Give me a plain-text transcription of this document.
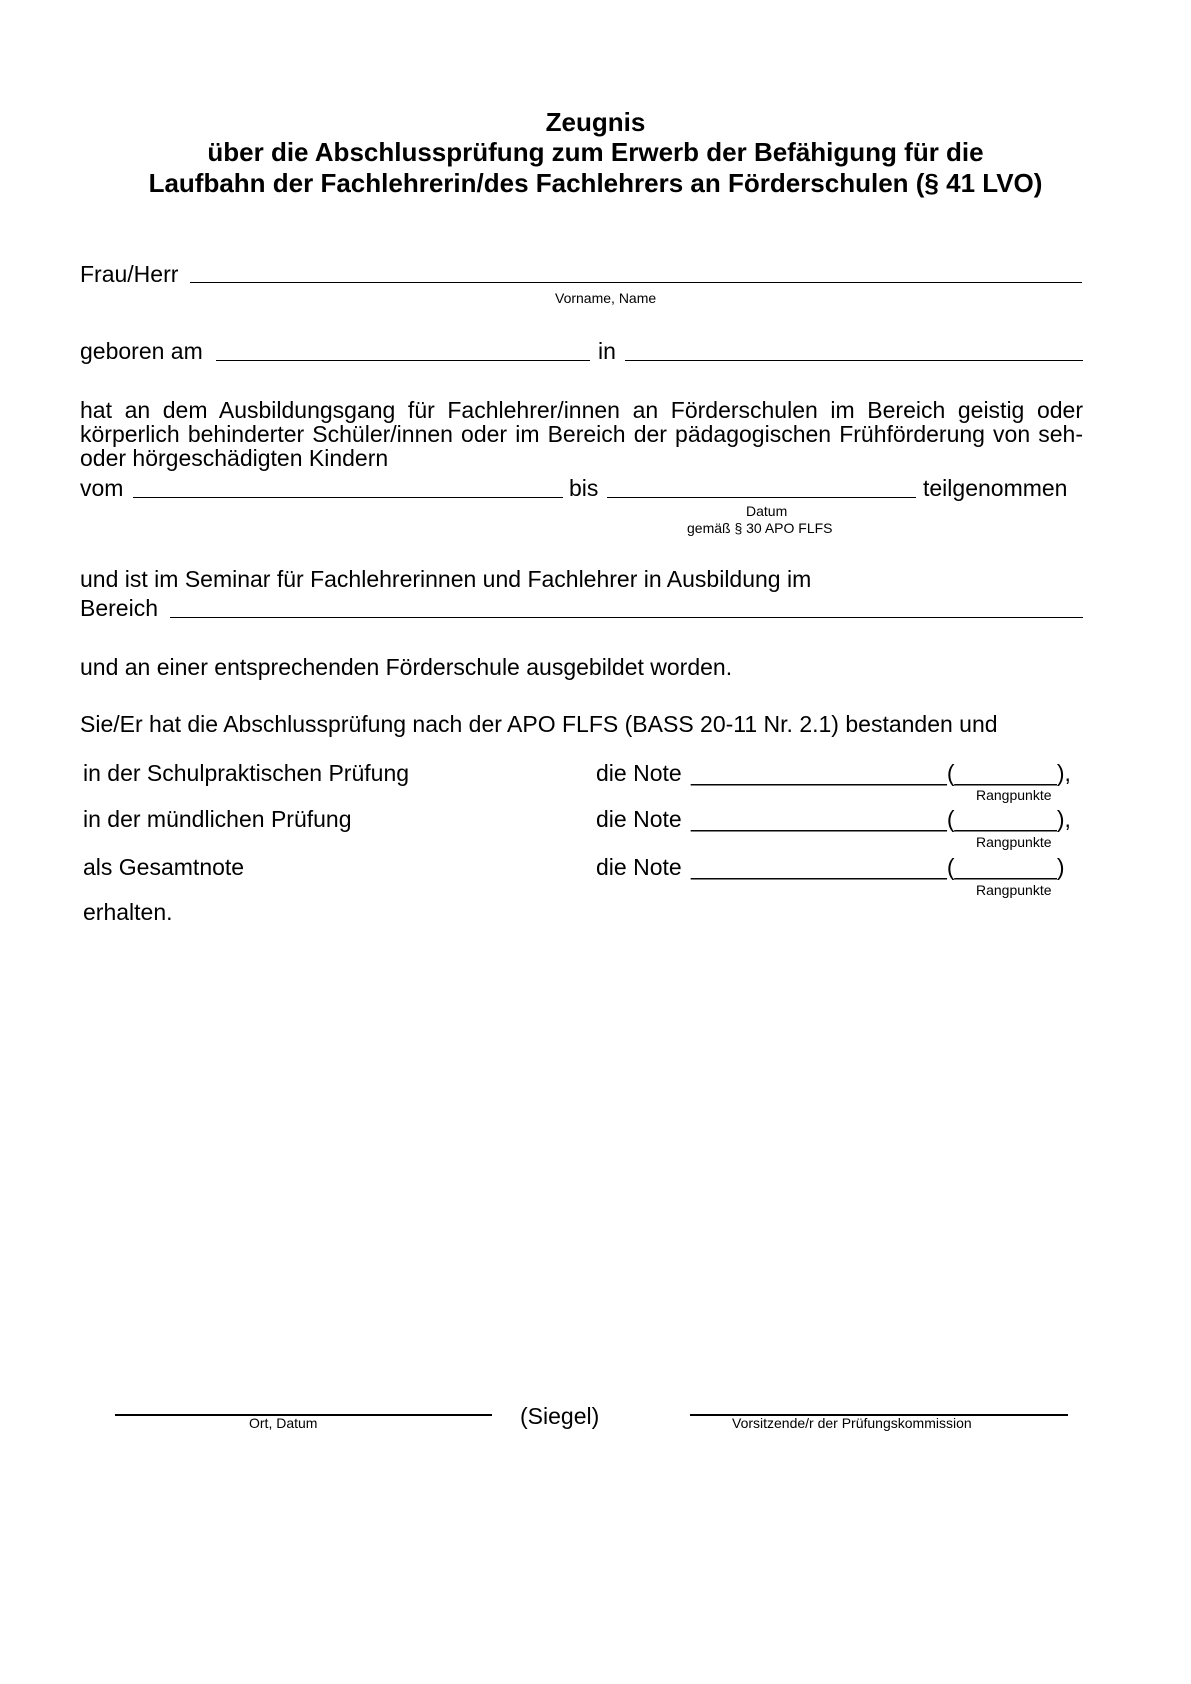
Zeugnis
über die Abschlussprüfung zum Erwerb der Befähigung für die
Laufbahn der Fachlehrerin/des Fachlehrers an Förderschulen (§ 41 LVO)
Frau/Herr
Vorname, Name
geboren am	in
hat an dem Ausbildungsgang für Fachlehrer/innen an Förderschulen im Bereich geistig oder körperlich behinderter Schüler/innen oder im Bereich der pädagogischen Frühförderung von seh- oder hörgeschädigten Kindern
vom	bis	teilgenommen
Datum
gemäß § 30 APO FLFS
und ist im Seminar für Fachlehrerinnen und Fachlehrer in Ausbildung im
Bereich
und an einer entsprechenden Förderschule ausgebildet worden.
Sie/Er hat die Abschlussprüfung nach der APO FLFS (BASS 20-11 Nr. 2.1) bestanden und
in der Schulpraktischen Prüfung	die Note ____________________(________),
Rangpunkte
in der mündlichen Prüfung	die Note ____________________(________),
Rangpunkte
als Gesamtnote	die Note ____________________(________)
Rangpunkte
erhalten.
Ort, Datum	(Siegel)	Vorsitzende/r der Prüfungskommission
